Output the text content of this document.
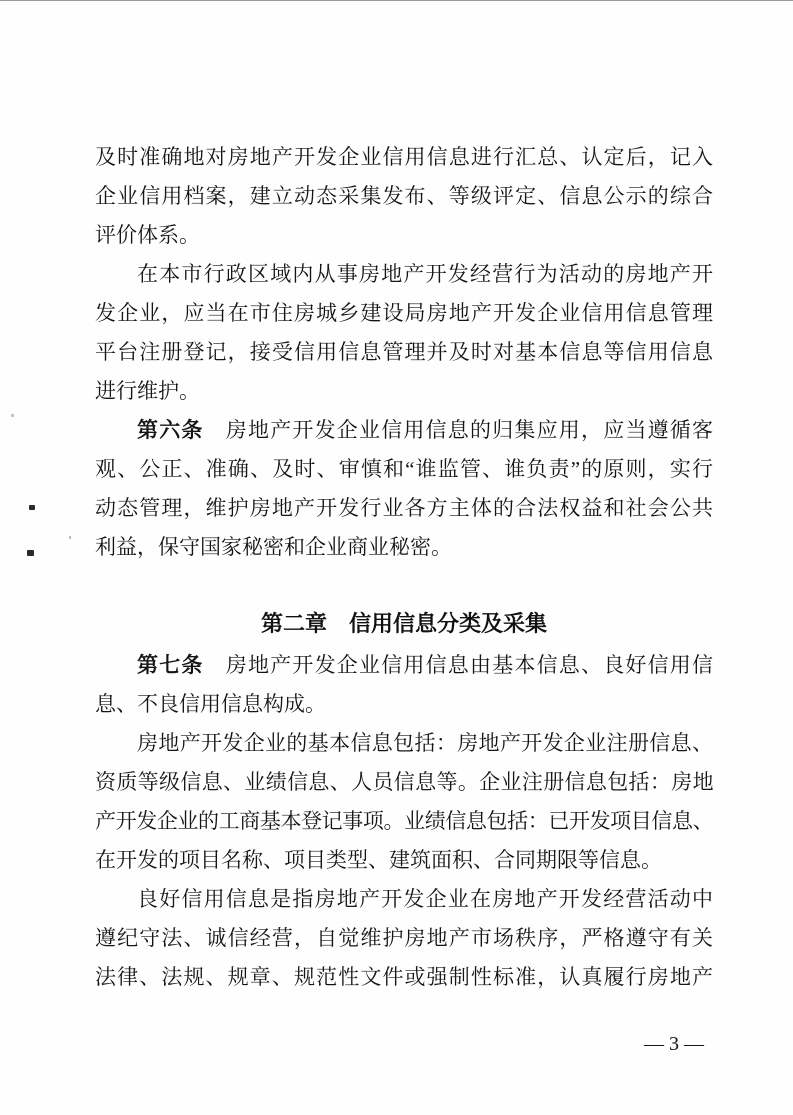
及时准确地对房地产开发企业信用信息进行汇总、认定后，记入
企业信用档案，建立动态采集发布、等级评定、信息公示的综合
评价体系。
在本市行政区域内从事房地产开发经营行为活动的房地产开
发企业，应当在市住房城乡建设局房地产开发企业信用信息管理
平台注册登记，接受信用信息管理并及时对基本信息等信用信息
进行维护。
第六条　房地产开发企业信用信息的归集应用，应当遵循客
观、公正、准确、及时、审慎和“谁监管、谁负责”的原则，实行
动态管理，维护房地产开发行业各方主体的合法权益和社会公共
利益，保守国家秘密和企业商业秘密。
第二章　信用信息分类及采集
第七条　房地产开发企业信用信息由基本信息、良好信用信
息、不良信用信息构成。
房地产开发企业的基本信息包括：房地产开发企业注册信息、
资质等级信息、业绩信息、人员信息等。企业注册信息包括：房地
产开发企业的工商基本登记事项。业绩信息包括：已开发项目信息、
在开发的项目名称、项目类型、建筑面积、合同期限等信息。
良好信用信息是指房地产开发企业在房地产开发经营活动中
遵纪守法、诚信经营，自觉维护房地产市场秩序，严格遵守有关
法律、法规、规章、规范性文件或强制性标准，认真履行房地产
— 3 —
